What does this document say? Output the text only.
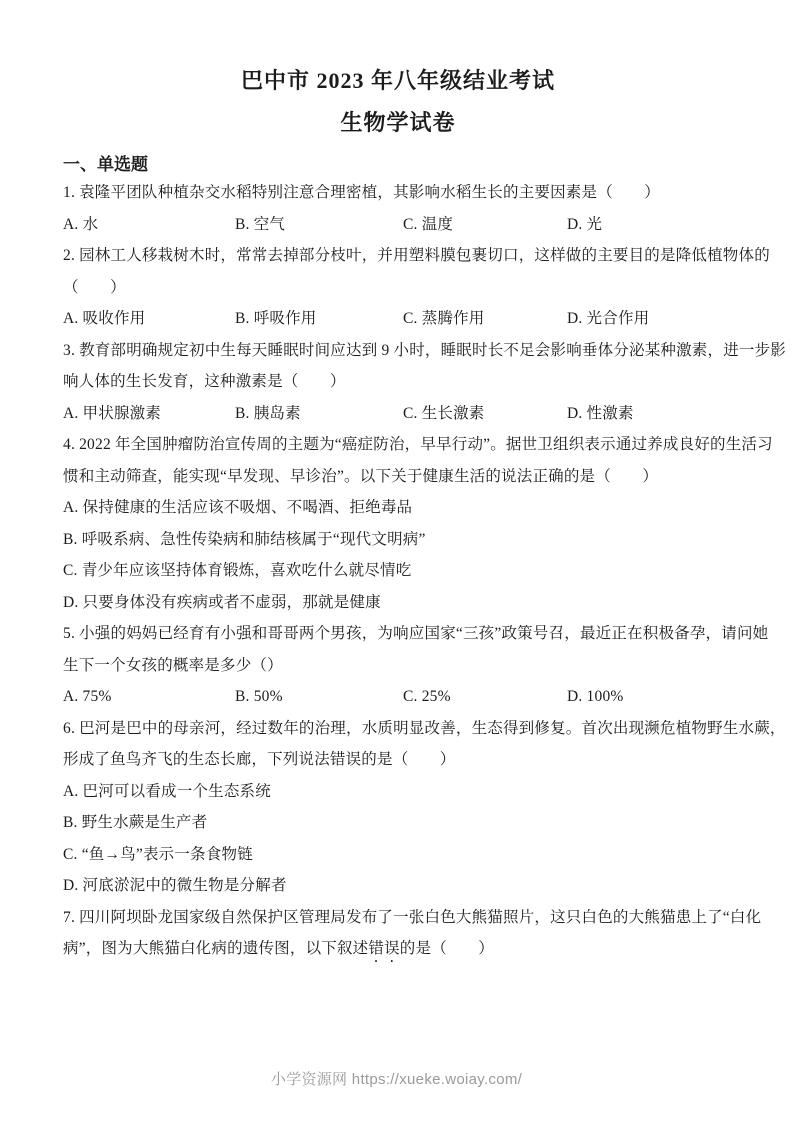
巴中市 2023 年八年级结业考试
生物学试卷
一、单选题
1. 袁隆平团队种植杂交水稻特别注意合理密植，其影响水稻生长的主要因素是（　　）
A. 水	B. 空气	C. 温度	D. 光
2. 园林工人移栽树木时，常常去掉部分枝叶，并用塑料膜包裹切口，这样做的主要目的是降低植物体的
（　　）
A. 吸收作用	B. 呼吸作用	C. 蒸腾作用	D. 光合作用
3. 教育部明确规定初中生每天睡眠时间应达到 9 小时，睡眠时长不足会影响垂体分泌某种激素，进一步影
响人体的生长发育，这种激素是（　　）
A. 甲状腺激素	B. 胰岛素	C. 生长激素	D. 性激素
4. 2022 年全国肿瘤防治宣传周的主题为“癌症防治，早早行动”。据世卫组织表示通过养成良好的生活习
惯和主动筛查，能实现“早发现、早诊治”。以下关于健康生活的说法正确的是（　　）
A. 保持健康的生活应该不吸烟、不喝酒、拒绝毒品
B. 呼吸系病、急性传染病和肺结核属于“现代文明病”
C. 青少年应该坚持体育锻炼，喜欢吃什么就尽情吃
D. 只要身体没有疾病或者不虚弱，那就是健康
5. 小强的妈妈已经育有小强和哥哥两个男孩，为响应国家“三孩”政策号召，最近正在积极备孕，请问她
生下一个女孩的概率是多少（）
A. 75%	B. 50%	C. 25%	D. 100%
6. 巴河是巴中的母亲河，经过数年的治理，水质明显改善，生态得到修复。首次出现濒危植物野生水蕨，
形成了鱼鸟齐飞的生态长廊，下列说法错误的是（　　）
A. 巴河可以看成一个生态系统
B. 野生水蕨是生产者
C. “鱼→鸟”表示一条食物链
D. 河底淤泥中的微生物是分解者
7. 四川阿坝卧龙国家级自然保护区管理局发布了一张白色大熊猫照片，这只白色的大熊猫患上了“白化
病”，图为大熊猫白化病的遗传图，以下叙述错误的是（　　）
小学资源网 https://xueke.woiay.com/
